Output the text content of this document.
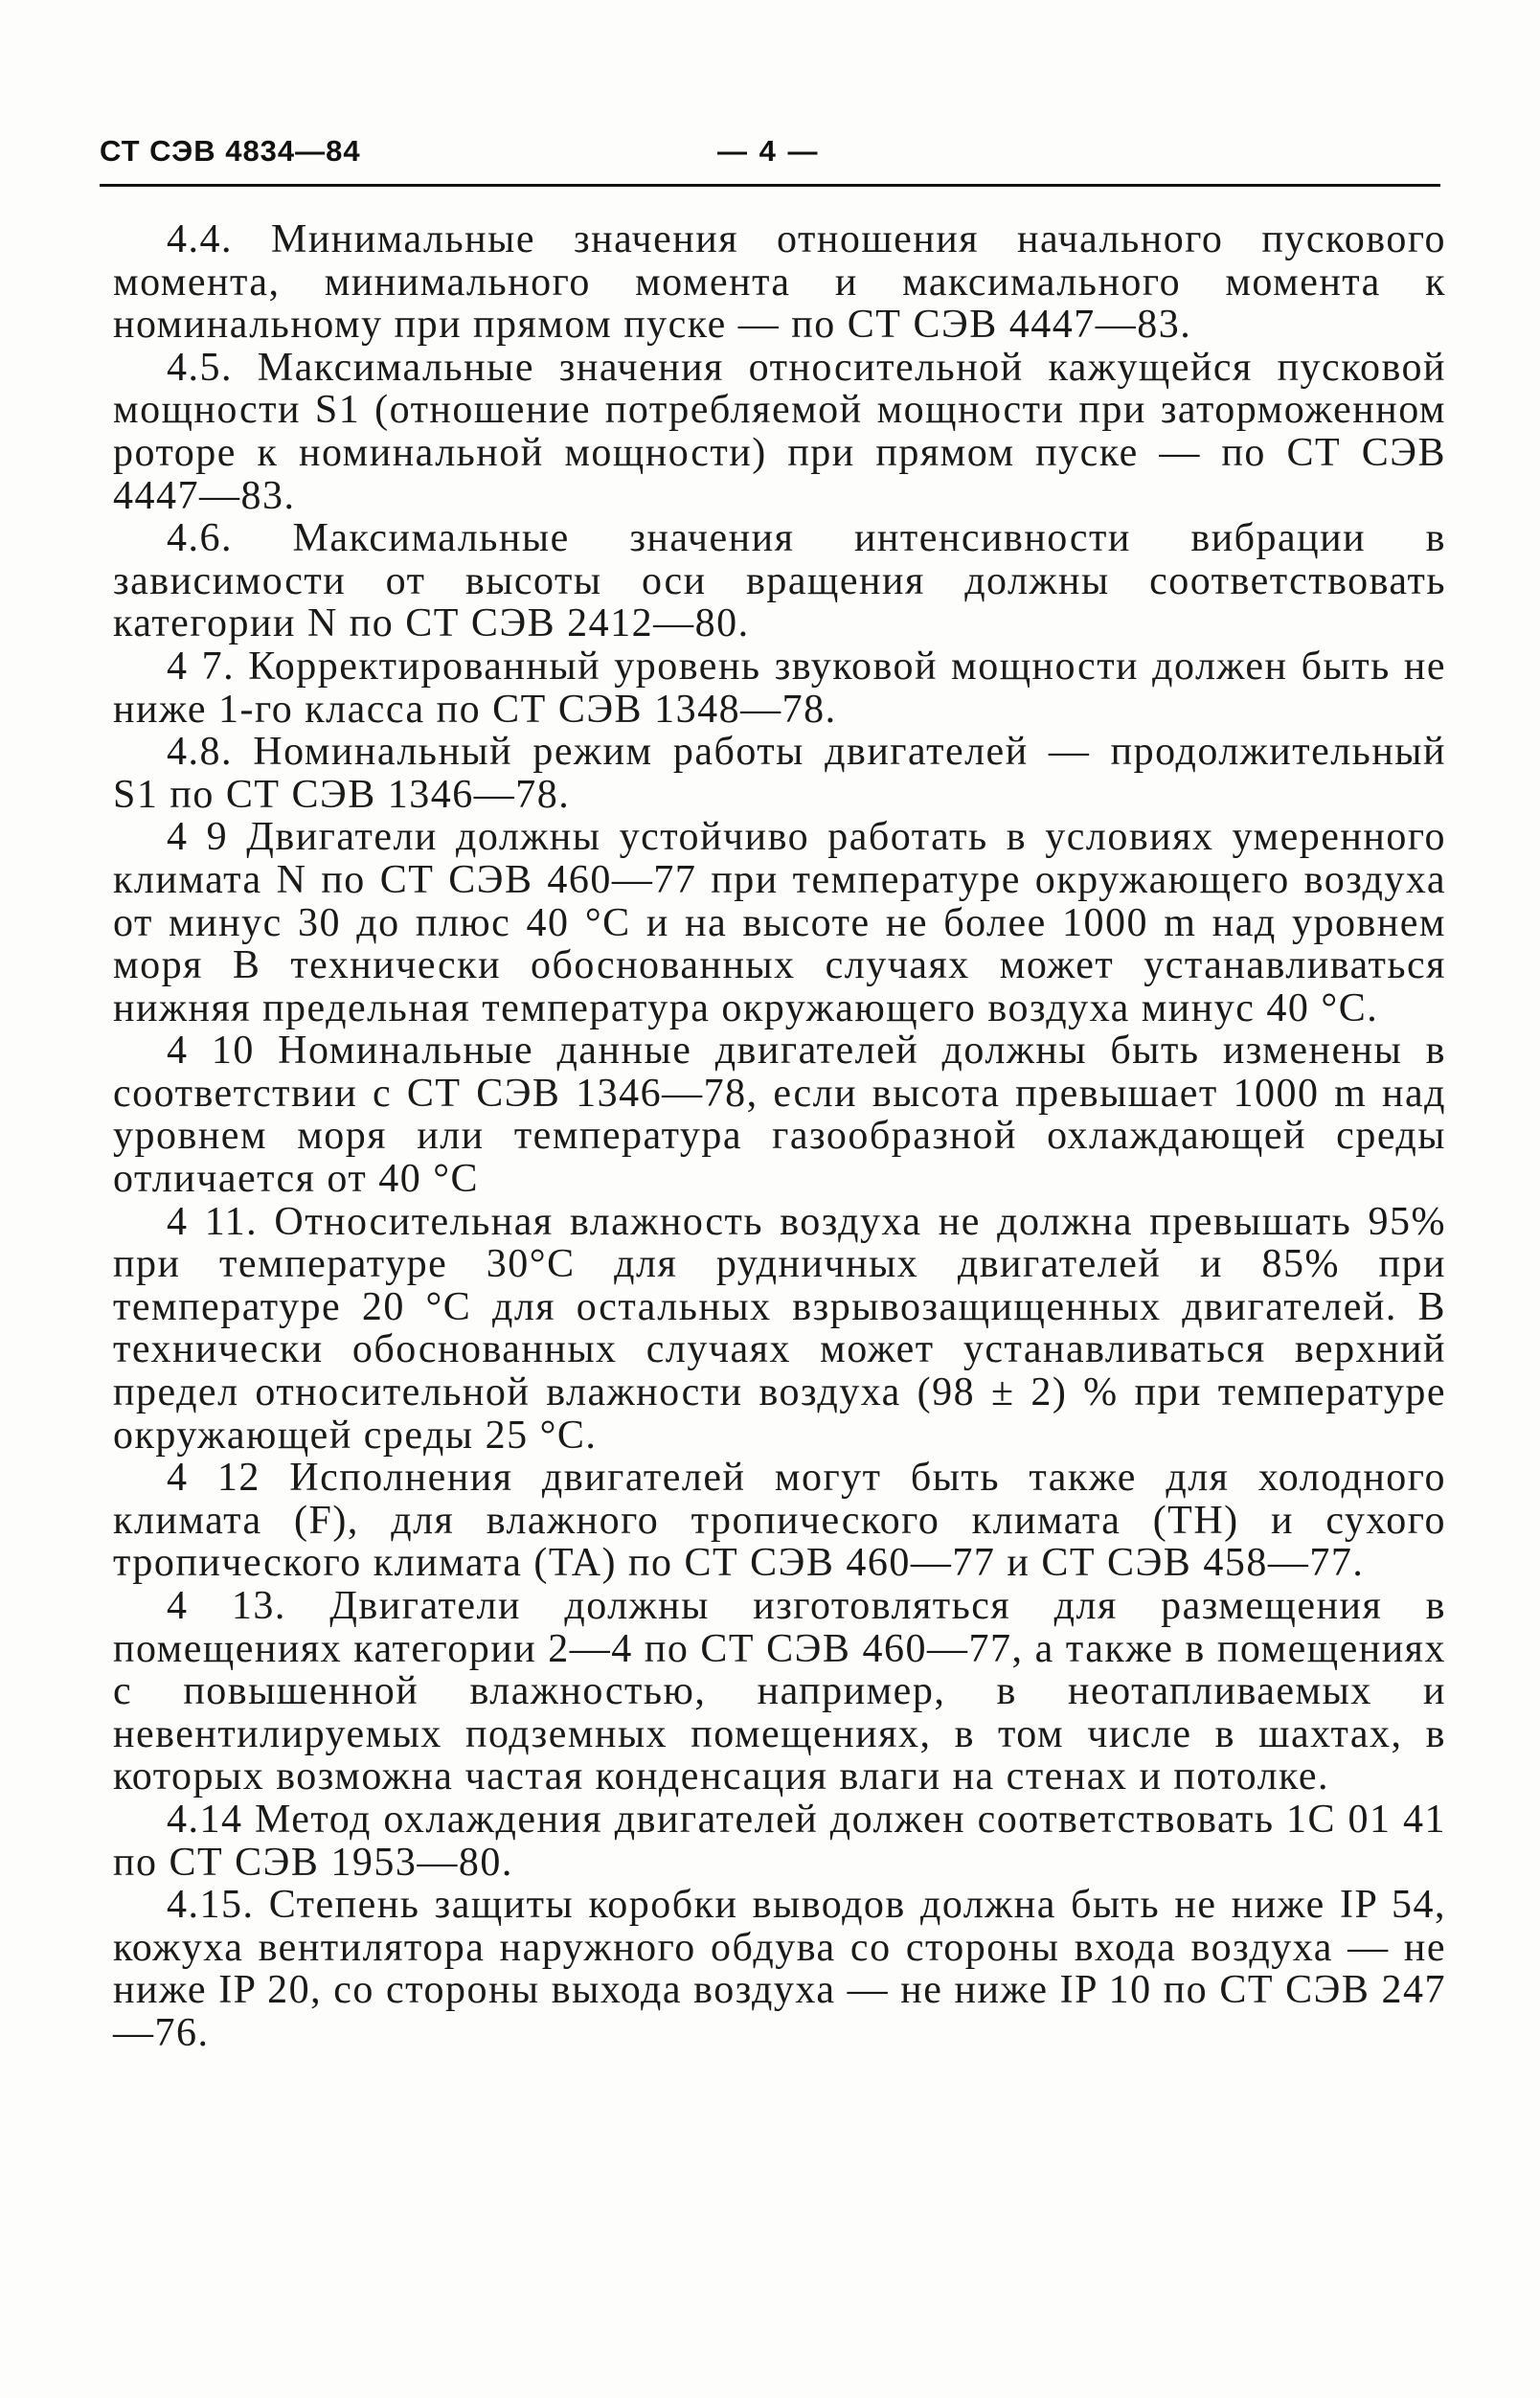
СТ СЭВ 4834—84	— 4 —

4.4. Минимальные значения отношения начального пускового момента, минимального момента и максимального момента к номинальному при прямом пуске — по СТ СЭВ 4447—83.

4.5. Максимальные значения относительной кажущейся пусковой мощности S1 (отношение потребляемой мощности при заторможенном роторе к номинальной мощности) при прямом пуске — по СТ СЭВ 4447—83.

4.6. Максимальные значения интенсивности вибрации в зависимости от высоты оси вращения должны соответствовать категории N по СТ СЭВ 2412—80.

4 7. Корректированный уровень звуковой мощности должен быть не ниже 1-го класса по СТ СЭВ 1348—78.

4.8. Номинальный режим работы двигателей — продолжительный S1 по СТ СЭВ 1346—78.

4 9 Двигатели должны устойчиво работать в условиях умеренного климата N по СТ СЭВ 460—77 при температуре окружающего воздуха от минус 30 до плюс 40 °С и на высоте не более 1000 m над уровнем моря В технически обоснованных случаях может устанавливаться нижняя предельная температура окружающего воздуха минус 40 °С.

4 10 Номинальные данные двигателей должны быть изменены в соответствии с СТ СЭВ 1346—78, если высота превышает 1000 m над уровнем моря или температура газообразной охлаждающей среды отличается от 40 °С

4 11. Относительная влажность воздуха не должна превышать 95% при температуре 30°С для рудничных двигателей и 85% при температуре 20 °С для остальных взрывозащищенных двигателей. В технически обоснованных случаях может устанавливаться верхний предел относительной влажности воздуха (98 ± 2) % при температуре окружающей среды 25 °С.

4 12 Исполнения двигателей могут быть также для холодного климата (F), для влажного тропического климата (TH) и сухого тропического климата (TA) по СТ СЭВ 460—77 и СТ СЭВ 458—77.

4 13. Двигатели должны изготовляться для размещения в помещениях категории 2—4 по СТ СЭВ 460—77, а также в помещениях с повышенной влажностью, например, в неотапливаемых и невентилируемых подземных помещениях, в том числе в шахтах, в которых возможна частая конденсация влаги на стенах и потолке.

4.14 Метод охлаждения двигателей должен соответствовать 1C 01 41 по СТ СЭВ 1953—80.

4.15. Степень защиты коробки выводов должна быть не ниже IP 54, кожуха вентилятора наружного обдува со стороны входа воздуха — не ниже IP 20, со стороны выхода воздуха — не ниже IP 10 по СТ СЭВ 247—76.
